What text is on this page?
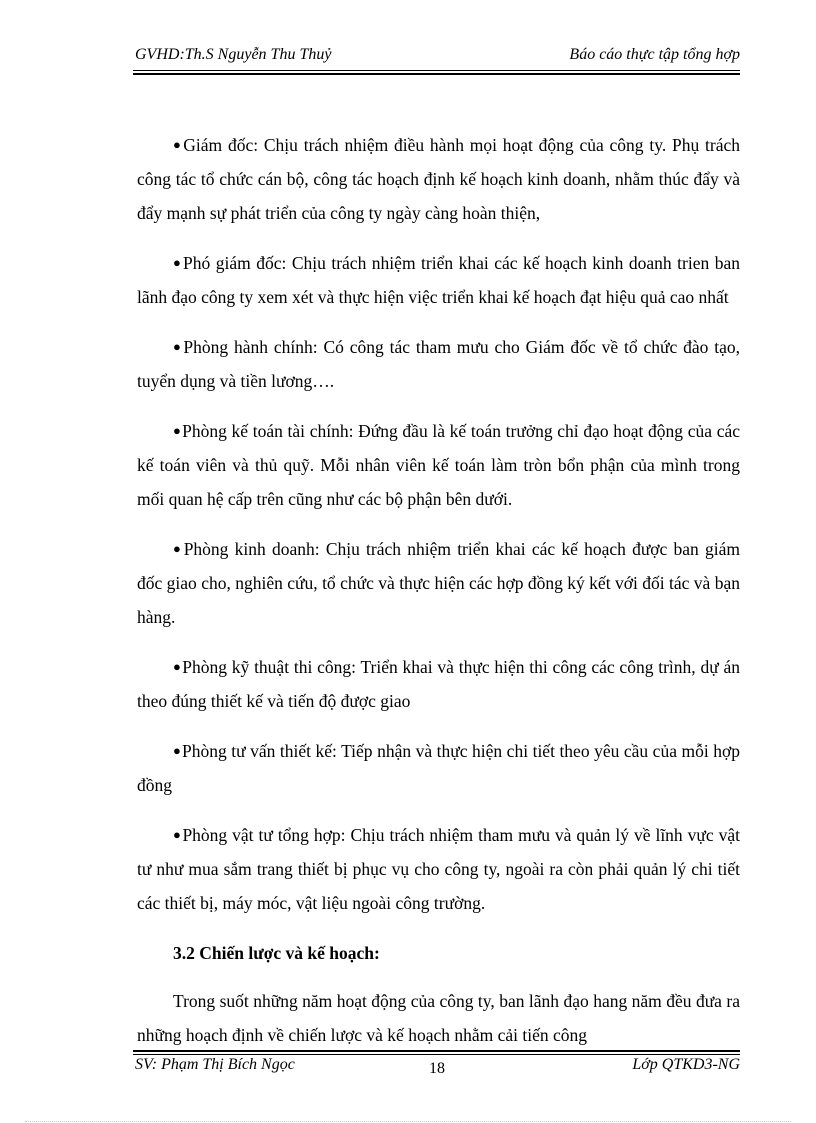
GVHD:Th.S Nguyễn Thu Thuỷ	Báo cáo thực tập tổng hợp

●Giám đốc: Chịu trách nhiệm điều hành mọi hoạt động của công ty. Phụ trách công tác tổ chức cán bộ, công tác hoạch định kế hoạch kinh doanh, nhằm thúc đẩy và đẩy mạnh sự phát triển của công ty ngày càng hoàn thiện,

●Phó giám đốc: Chịu trách nhiệm triển khai các kế hoạch kinh doanh trien ban lãnh đạo công ty xem xét và thực hiện việc triển khai kế hoạch đạt hiệu quả cao nhất

●Phòng hành chính: Có công tác tham mưu cho Giám đốc về tổ chức đào tạo, tuyển dụng và tiền lương….

●Phòng kế toán tài chính: Đứng đầu là kế toán trưởng chỉ đạo hoạt động của các kế toán viên và thủ quỹ. Mỗi nhân viên kế toán làm tròn bổn phận của mình trong mối quan hệ cấp trên cũng như các bộ phận bên dưới.

●Phòng kinh doanh: Chịu trách nhiệm triển khai các kế hoạch được ban giám đốc giao cho, nghiên cứu, tổ chức và thực hiện các hợp đồng ký kết với đối tác và bạn hàng.

●Phòng kỹ thuật thi công: Triển khai và thực hiện thi công các công trình, dự án theo đúng thiết kế và tiến độ được giao

●Phòng tư vấn thiết kế: Tiếp nhận và thực hiện chi tiết theo yêu cầu của mỗi hợp đồng

●Phòng vật tư tổng hợp: Chịu trách nhiệm tham mưu và quản lý về lĩnh vực vật tư như mua sắm trang thiết bị phục vụ cho công ty, ngoài ra còn phải quản lý chi tiết các thiết bị, máy móc, vật liệu ngoài công trường.

3.2 Chiến lược và kế hoạch:

Trong suốt những năm hoạt động của công ty, ban lãnh đạo hang năm đều đưa ra những hoạch định về chiến lược và kế hoạch nhằm cải tiến công

SV: Phạm Thị Bích Ngọc	18	Lớp QTKD3-NG
